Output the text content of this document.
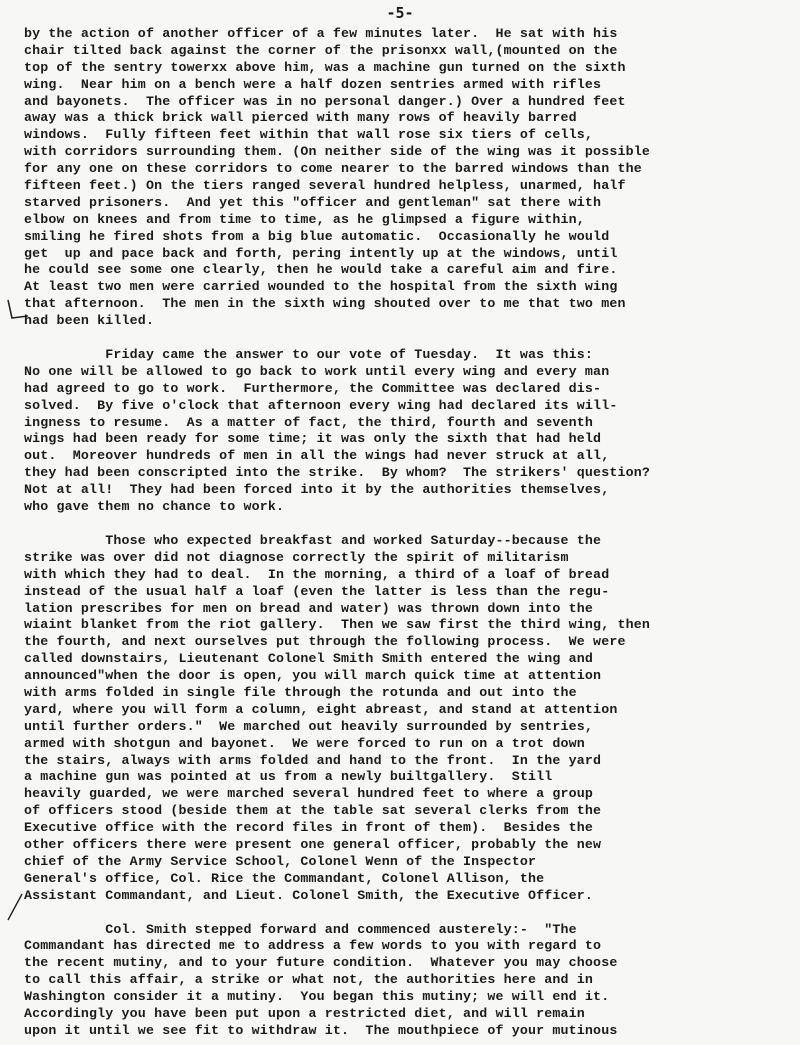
-5-
by the action of another officer of a few minutes later.  He sat with his
chair tilted back against the corner of the prisonxx wall,(mounted on the
top of the sentry towerxx above him, was a machine gun turned on the sixth
wing.  Near him on a bench were a half dozen sentries armed with rifles
and bayonets.  The officer was in no personal danger.) Over a hundred feet
away was a thick brick wall pierced with many rows of heavily barred
windows.  Fully fifteen feet within that wall rose six tiers of cells,
with corridors surrounding them. (On neither side of the wing was it possible
for any one on these corridors to come nearer to the barred windows than the
fifteen feet.) On the tiers ranged several hundred helpless, unarmed, half
starved prisoners.  And yet this "officer and gentleman" sat there with
elbow on knees and from time to time, as he glimpsed a figure within,
smiling he fired shots from a big blue automatic.  Occasionally he would
get  up and pace back and forth, pering intently up at the windows, until
he could see some one clearly, then he would take a careful aim and fire.
At least two men were carried wounded to the hospital from the sixth wing
that afternoon.  The men in the sixth wing shouted over to me that two men
had been killed.
Friday came the answer to our vote of Tuesday.  It was this:
No one will be allowed to go back to work until every wing and every man
had agreed to go to work.  Furthermore, the Committee was declared dis-
solved.  By five o'clock that afternoon every wing had declared its will-
ingness to resume.  As a matter of fact, the third, fourth and seventh
wings had been ready for some time; it was only the sixth that had held
out.  Moreover hundreds of men in all the wings had never struck at all,
they had been conscripted into the strike.  By whom?  The strikers' question?
Not at all!  They had been forced into it by the authorities themselves,
who gave them no chance to work.
Those who expected breakfast and worked Saturday--because the
strike was over did not diagnose correctly the spirit of militarism
with which they had to deal.  In the morning, a third of a loaf of bread
instead of the usual half a loaf (even the latter is less than the regu-
lation prescribes for men on bread and water) was thrown down into the
wiaint blanket from the riot gallery.  Then we saw first the third wing, then
the fourth, and next ourselves put through the following process.  We were
called downstairs, Lieutenant Colonel Smith Smith entered the wing and
announced"when the door is open, you will march quick time at attention
with arms folded in single file through the rotunda and out into the
yard, where you will form a column, eight abreast, and stand at attention
until further orders."  We marched out heavily surrounded by sentries,
armed with shotgun and bayonet.  We were forced to run on a trot down
the stairs, always with arms folded and hand to the front.  In the yard
a machine gun was pointed at us from a newly builtgallery.  Still
heavily guarded, we were marched several hundred feet to where a group
of officers stood (beside them at the table sat several clerks from the
Executive office with the record files in front of them).  Besides the
other officers there were present one general officer, probably the new
chief of the Army Service School, Colonel Wenn of the Inspector
General's office, Col. Rice the Commandant, Colonel Allison, the
Assistant Commandant, and Lieut. Colonel Smith, the Executive Officer.
Col. Smith stepped forward and commenced austerely:-  "The
Commandant has directed me to address a few words to you with regard to
the recent mutiny, and to your future condition.  Whatever you may choose
to call this affair, a strike or what not, the authorities here and in
Washington consider it a mutiny.  You began this mutiny; we will end it.
Accordingly you have been put upon a restricted diet, and will remain
upon it until we see fit to withdraw it.  The mouthpiece of your mutinous
